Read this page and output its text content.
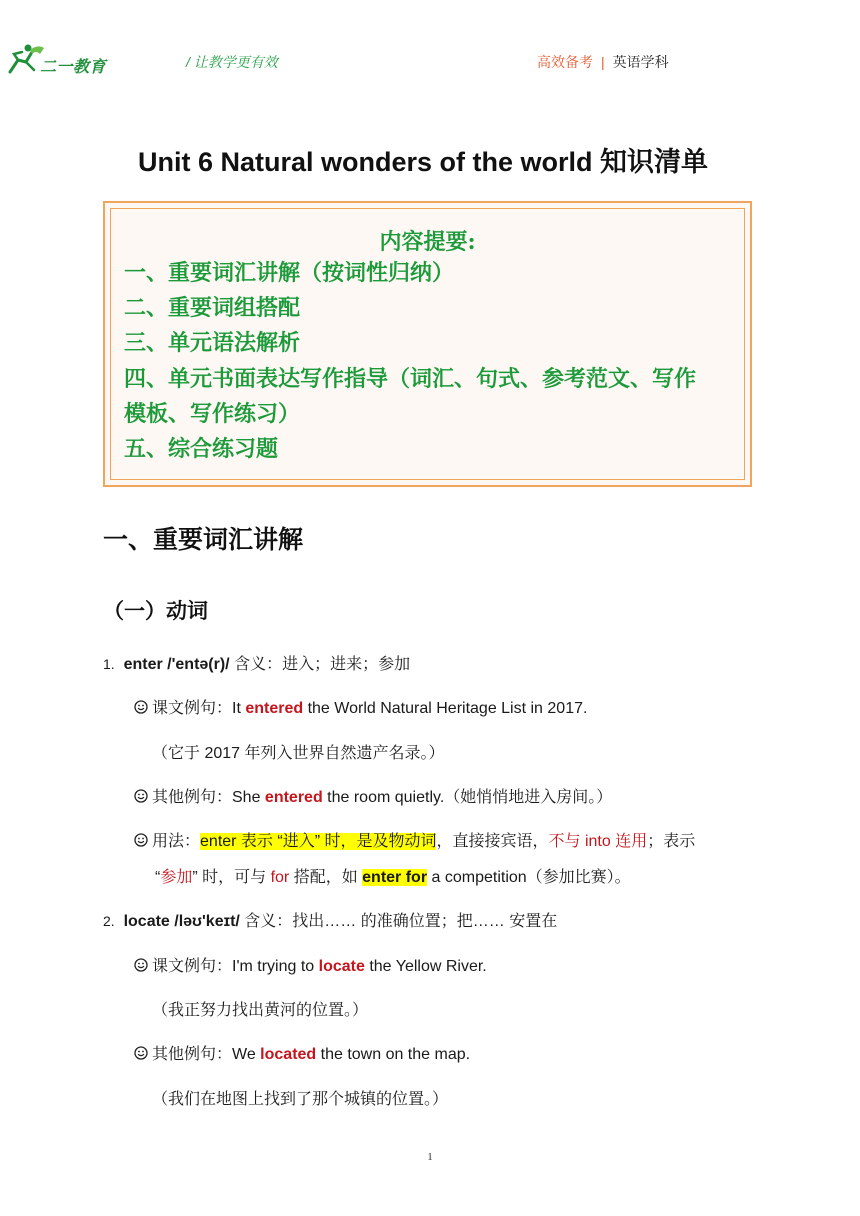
二一教育	/ 让教学更有效	高效备考 | 英语学科
Unit 6 Natural wonders of the world 知识清单
内容提要:
一、重要词汇讲解（按词性归纳）
二、重要词组搭配
三、单元语法解析
四、单元书面表达写作指导（词汇、句式、参考范文、写作
模板、写作练习）
五、综合练习题
一、重要词汇讲解
（一）动词
1. enter /'entə(r)/ 含义：进入；进来；参加
课文例句：It entered the World Natural Heritage List in 2017.
（它于 2017 年列入世界自然遗产名录。）
其他例句：She entered the room quietly.（她悄悄地进入房间。）
用法：enter 表示 “进入” 时，是及物动词，直接接宾语，不与 into 连用；表示
“参加” 时，可与 for 搭配，如 enter for a competition（参加比赛）。
2. locate /ləʊ'keɪt/ 含义：找出…… 的准确位置；把…… 安置在
课文例句：I'm trying to locate the Yellow River.
（我正努力找出黄河的位置。）
其他例句：We located the town on the map.
（我们在地图上找到了那个城镇的位置。）
1
